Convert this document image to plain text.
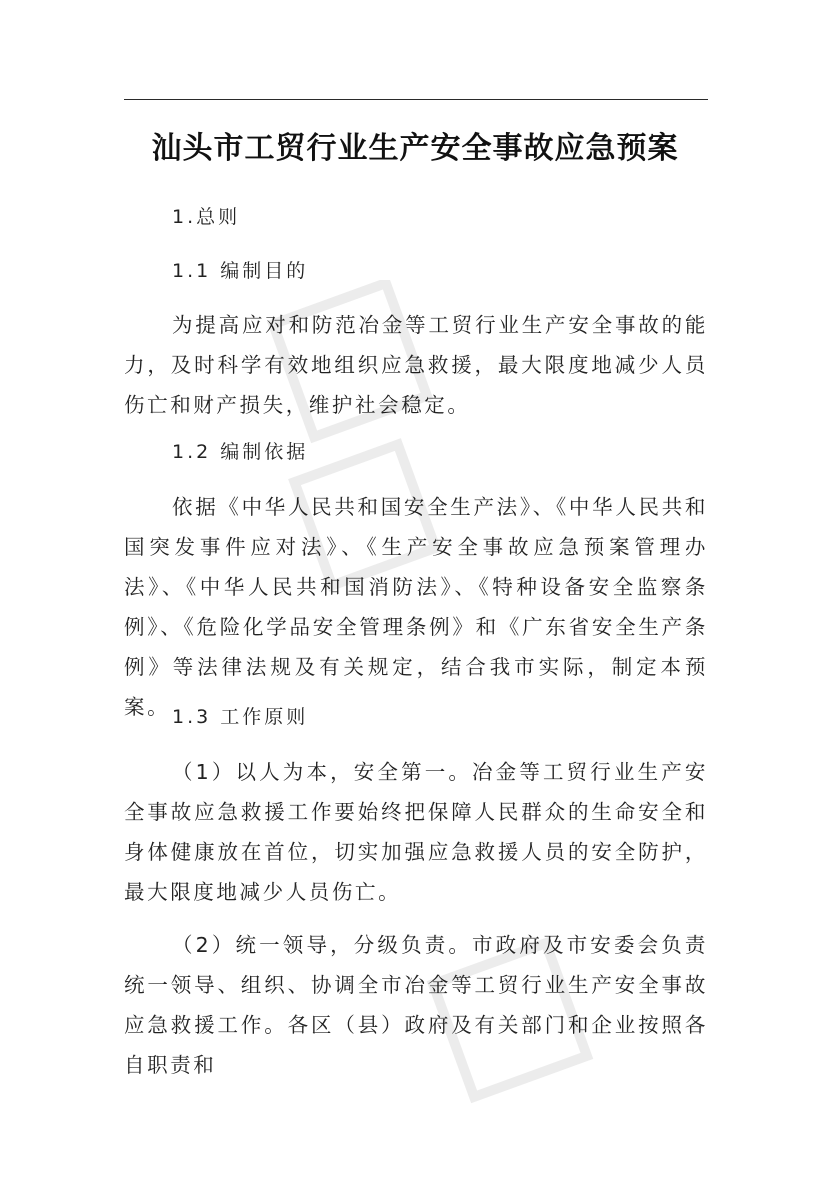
汕头市工贸行业生产安全事故应急预案
1.总则
1.1 编制目的

为提高应对和防范冶金等工贸行业生产安全事故的能力，及时科学有效地组织应急救援，最大限度地减少人员伤亡和财产损失，维护社会稳定。

1.2 编制依据

依据《中华人民共和国安全生产法》、《中华人民共和国突发事件应对法》、《生产安全事故应急预案管理办法》、《中华人民共和国消防法》、《特种设备安全监察条例》、《危险化学品安全管理条例》和《广东省安全生产条例》等法律法规及有关规定，结合我市实际，制定本预案。 1.3 工作原则

（1）以人为本，安全第一。冶金等工贸行业生产安全事故应急救援工作要始终把保障人民群众的生命安全和身体健康放在首位，切实加强应急救援人员的安全防护，最大限度地减少人员伤亡。

（2）统一领导，分级负责。市政府及市安委会负责统一领导、组织、协调全市冶金等工贸行业生产安全事故应急救援工作。各区（县）政府及有关部门和企业按照各自职责和
